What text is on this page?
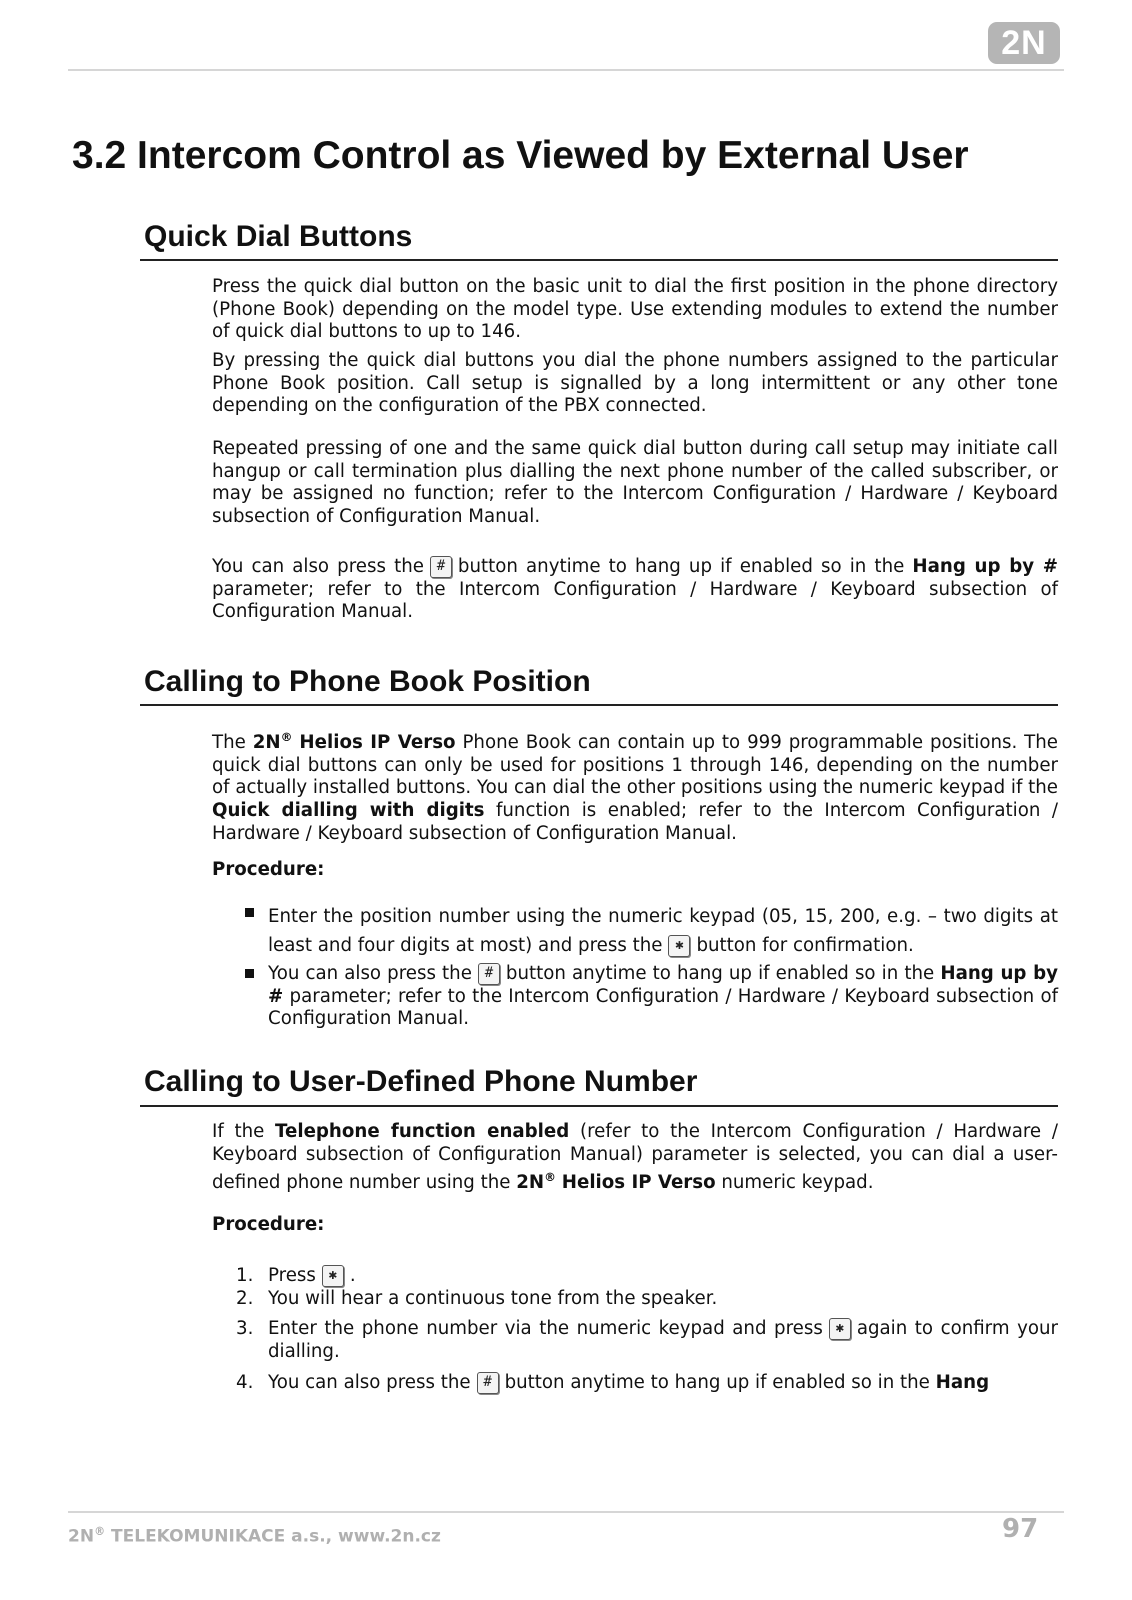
2N
3.2 Intercom Control as Viewed by External User
Quick Dial Buttons
Press the quick dial button on the basic unit to dial the first position in the phone directory (Phone Book) depending on the model type. Use extending modules to extend the number of quick dial buttons to up to 146.
By pressing the quick dial buttons you dial the phone numbers assigned to the particular Phone Book position. Call setup is signalled by a long intermittent or any other tone depending on the configuration of the PBX connected.
Repeated pressing of one and the same quick dial button during call setup may initiate call hangup or call termination plus dialling the next phone number of the called subscriber, or may be assigned no function; refer to the Intercom Configuration / Hardware / Keyboard subsection of Configuration Manual.
You can also press the # button anytime to hang up if enabled so in the Hang up by # parameter; refer to the Intercom Configuration / Hardware / Keyboard subsection of Configuration Manual.
Calling to Phone Book Position
The 2N® Helios IP Verso Phone Book can contain up to 999 programmable positions. The quick dial buttons can only be used for positions 1 through 146, depending on the number of actually installed buttons. You can dial the other positions using the numeric keypad if the Quick dialling with digits function is enabled; refer to the Intercom Configuration / Hardware / Keyboard subsection of Configuration Manual.
Procedure:
Enter the position number using the numeric keypad (05, 15, 200, e.g. – two digits at least and four digits at most) and press the ✱ button for confirmation.
You can also press the # button anytime to hang up if enabled so in the Hang up by # parameter; refer to the Intercom Configuration / Hardware / Keyboard subsection of Configuration Manual.
Calling to User-Defined Phone Number
If the Telephone function enabled (refer to the Intercom Configuration / Hardware / Keyboard subsection of Configuration Manual) parameter is selected, you can dial a user-defined phone number using the 2N® Helios IP Verso numeric keypad.
Procedure:
1. Press ✱ .
2. You will hear a continuous tone from the speaker.
3. Enter the phone number via the numeric keypad and press ✱ again to confirm your dialling.
4. You can also press the # button anytime to hang up if enabled so in the Hang
2N® TELEKOMUNIKACE a.s., www.2n.cz	97
